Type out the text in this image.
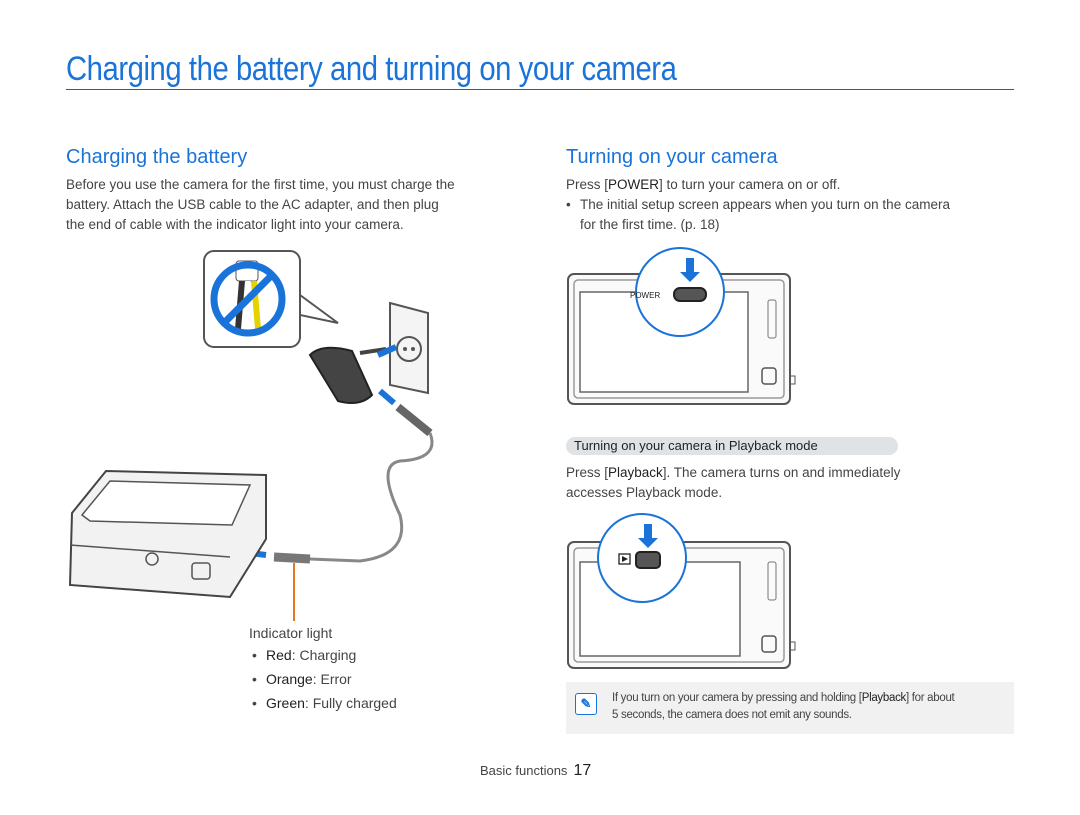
Charging the battery and turning on your camera
Charging the battery
Before you use the camera for the first time, you must charge the
battery. Attach the USB cable to the AC adapter, and then plug
the end of cable with the indicator light into your camera.
Indicator light
• Red: Charging
• Orange: Error
• Green: Fully charged
Turning on your camera
Press [POWER] to turn your camera on or off.
• The initial setup screen appears when you turn on the camera
for the first time. (p. 18)
POWER
Turning on your camera in Playback mode
Press [Playback]. The camera turns on and immediately
accesses Playback mode.
✎	If you turn on your camera by pressing and holding [Playback] for about
5 seconds, the camera does not emit any sounds.
Basic functions 17
